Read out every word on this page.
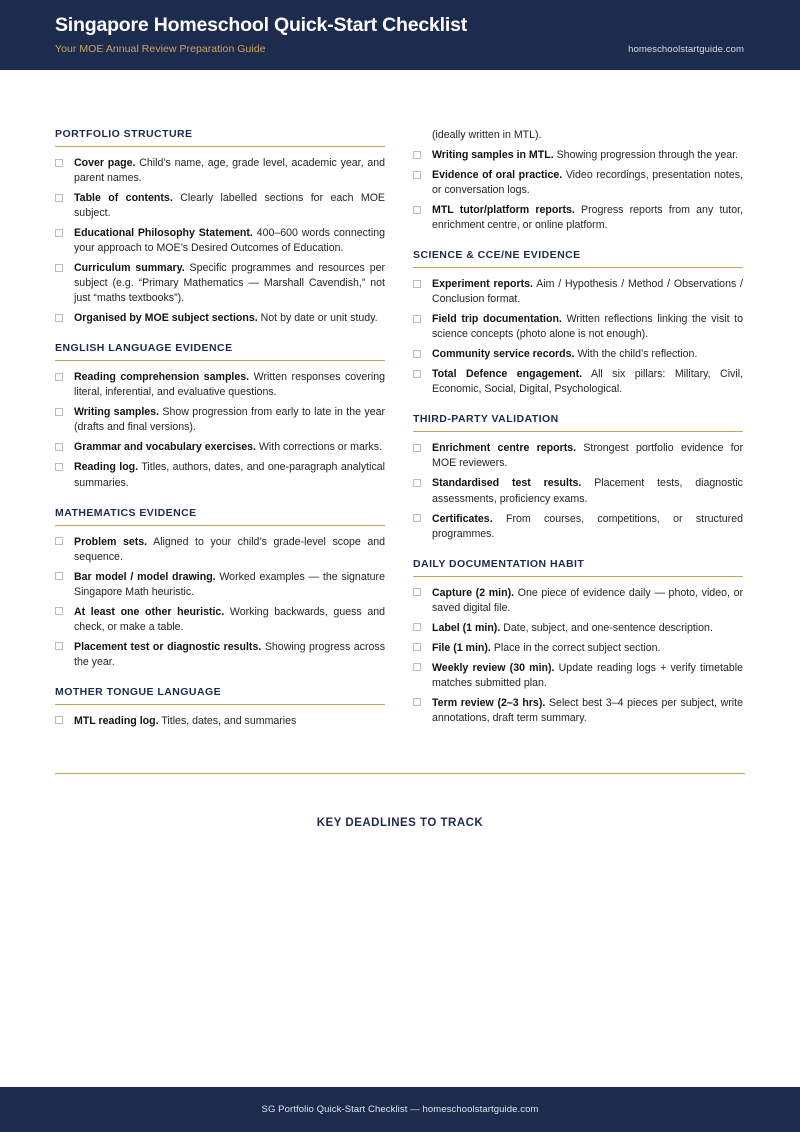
Singapore Homeschool Quick-Start Checklist
Your MOE Annual Review Preparation Guide	homeschoolstartguide.com
PORTFOLIO STRUCTURE
Cover page. Child’s name, age, grade level, academic year, and parent names.
Table of contents. Clearly labelled sections for each MOE subject.
Educational Philosophy Statement. 400–600 words connecting your approach to MOE’s Desired Outcomes of Education.
Curriculum summary. Specific programmes and resources per subject (e.g. “Primary Mathematics — Marshall Cavendish,” not just “maths textbooks”).
Organised by MOE subject sections. Not by date or unit study.
ENGLISH LANGUAGE EVIDENCE
Reading comprehension samples. Written responses covering literal, inferential, and evaluative questions.
Writing samples. Show progression from early to late in the year (drafts and final versions).
Grammar and vocabulary exercises. With corrections or marks.
Reading log. Titles, authors, dates, and one-paragraph analytical summaries.
MATHEMATICS EVIDENCE
Problem sets. Aligned to your child’s grade-level scope and sequence.
Bar model / model drawing. Worked examples — the signature Singapore Math heuristic.
At least one other heuristic. Working backwards, guess and check, or make a table.
Placement test or diagnostic results. Showing progress across the year.
MOTHER TONGUE LANGUAGE
MTL reading log. Titles, dates, and summaries
(ideally written in MTL).
Writing samples in MTL. Showing progression through the year.
Evidence of oral practice. Video recordings, presentation notes, or conversation logs.
MTL tutor/platform reports. Progress reports from any tutor, enrichment centre, or online platform.
SCIENCE & CCE/NE EVIDENCE
Experiment reports. Aim / Hypothesis / Method / Observations / Conclusion format.
Field trip documentation. Written reflections linking the visit to science concepts (photo alone is not enough).
Community service records. With the child’s reflection.
Total Defence engagement. All six pillars: Military, Civil, Economic, Social, Digital, Psychological.
THIRD-PARTY VALIDATION
Enrichment centre reports. Strongest portfolio evidence for MOE reviewers.
Standardised test results. Placement tests, diagnostic assessments, proficiency exams.
Certificates. From courses, competitions, or structured programmes.
DAILY DOCUMENTATION HABIT
Capture (2 min). One piece of evidence daily — photo, video, or saved digital file.
Label (1 min). Date, subject, and one-sentence description.
File (1 min). Place in the correct subject section.
Weekly review (30 min). Update reading logs + verify timetable matches submitted plan.
Term review (2–3 hrs). Select best 3–4 pieces per subject, write annotations, draft term summary.
KEY DEADLINES TO TRACK
SG Portfolio Quick-Start Checklist — homeschoolstartguide.com
